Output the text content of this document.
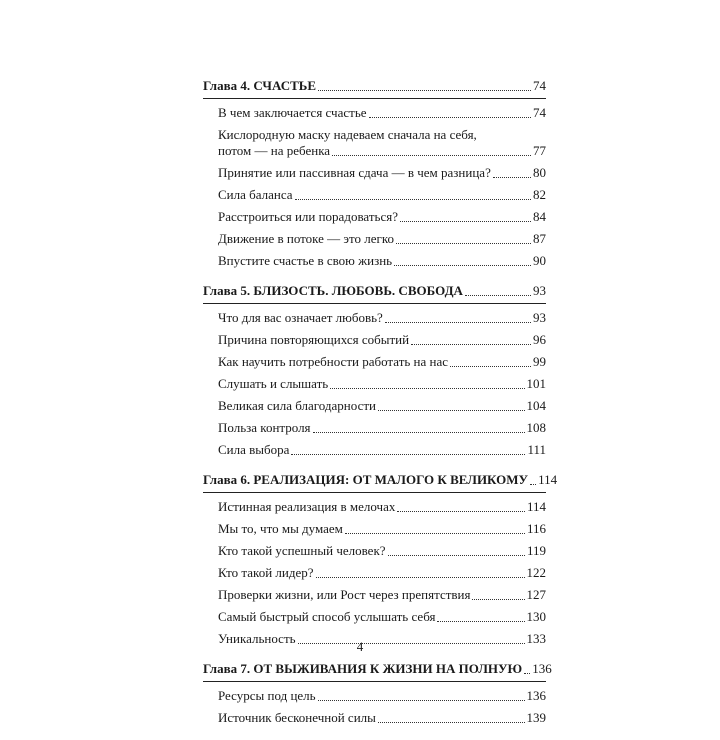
Глава 4. СЧАСТЬЕ	74
В чем заключается счастье	74
Кислородную маску надеваем сначала на себя,
потом — на ребенка	77
Принятие или пассивная сдача — в чем разница?	80
Сила баланса	82
Расстроиться или порадоваться?	84
Движение в потоке — это легко	87
Впустите счастье в свою жизнь	90
Глава 5. БЛИЗОСТЬ. ЛЮБОВЬ. СВОБОДА	93
Что для вас означает любовь?	93
Причина повторяющихся событий	96
Как научить потребности работать на нас	99
Слушать и слышать	101
Великая сила благодарности	104
Польза контроля	108
Сила выбора	111
Глава 6. РЕАЛИЗАЦИЯ: ОТ МАЛОГО К ВЕЛИКОМУ 114
Истинная реализация в мелочах	114
Мы то, что мы думаем	116
Кто такой успешный человек?	119
Кто такой лидер?	122
Проверки жизни, или Рост через препятствия	127
Самый быстрый способ услышать себя	130
Уникальность	133
Глава 7. ОТ ВЫЖИВАНИЯ К ЖИЗНИ НА ПОЛНУЮ 136
Ресурсы под цель	136
Источник бесконечной силы	139
4
